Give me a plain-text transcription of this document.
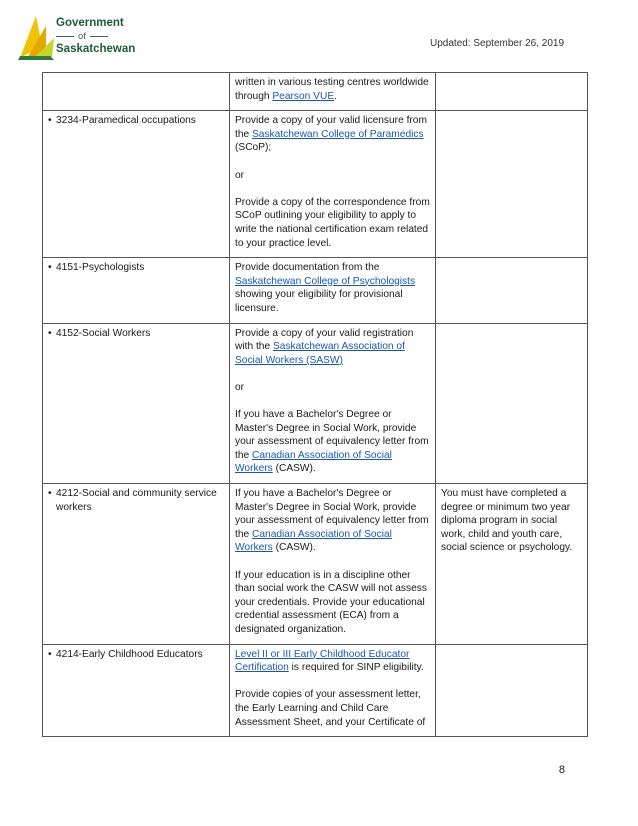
Government
of
Saskatchewan	Updated: September 26, 2019

	written in various testing centres worldwide through Pearson VUE.	

• 3234-Paramedical occupations	Provide a copy of your valid licensure from the Saskatchewan College of Paramedics (SCoP);

or

Provide a copy of the correspondence from SCoP outlining your eligibility to apply to write the national certification exam related to your practice level.	

• 4151-Psychologists	Provide documentation from the Saskatchewan College of Psychologists showing your eligibility for provisional licensure.	

• 4152-Social Workers	Provide a copy of your valid registration with the Saskatchewan Association of Social Workers (SASW)

or

If you have a Bachelor's Degree or Master's Degree in Social Work, provide your assessment of equivalency letter from the Canadian Association of Social Workers (CASW).	

• 4212-Social and community service workers	If you have a Bachelor's Degree or Master's Degree in Social Work, provide your assessment of equivalency letter from the Canadian Association of Social Workers (CASW).

If your education is in a discipline other than social work the CASW will not assess your credentials. Provide your educational credential assessment (ECA) from a designated organization.	You must have completed a degree or minimum two year diploma program in social work, child and youth care, social science or psychology.

• 4214-Early Childhood Educators	Level II or III Early Childhood Educator Certification is required for SINP eligibility.

Provide copies of your assessment letter, the Early Learning and Child Care Assessment Sheet, and your Certificate of	

8
